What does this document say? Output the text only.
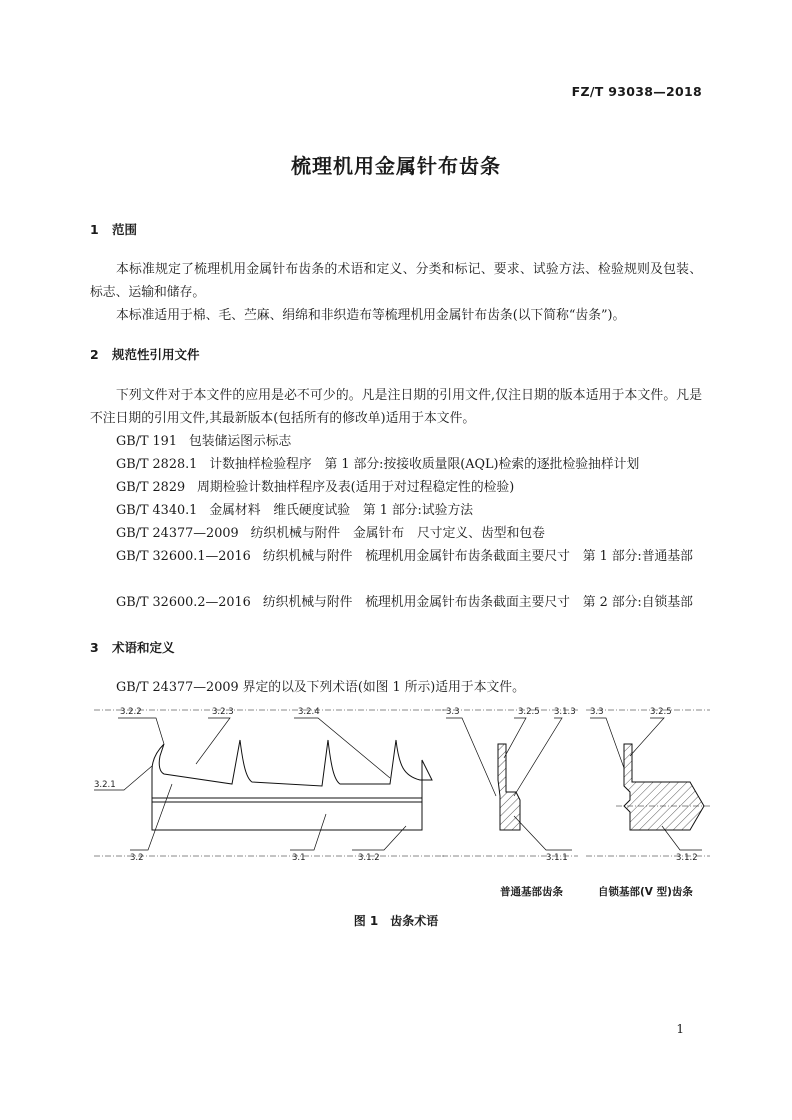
FZ/T 93038—2018
梳理机用金属针布齿条
1 范围
本标准规定了梳理机用金属针布齿条的术语和定义、分类和标记、要求、试验方法、检验规则及包装、标志、运输和储存。
本标准适用于棉、毛、苎麻、绢绵和非织造布等梳理机用金属针布齿条(以下简称“齿条”)。
2 规范性引用文件
下列文件对于本文件的应用是必不可少的。凡是注日期的引用文件,仅注日期的版本适用于本文件。凡是不注日期的引用文件,其最新版本(包括所有的修改单)适用于本文件。
GB/T 191 包装储运图示标志
GB/T 2828.1 计数抽样检验程序　第 1 部分:按接收质量限(AQL)检索的逐批检验抽样计划
GB/T 2829 周期检验计数抽样程序及表(适用于对过程稳定性的检验)
GB/T 4340.1 金属材料　维氏硬度试验　第 1 部分:试验方法
GB/T 24377—2009 纺织机械与附件　金属针布　尺寸定义、齿型和包卷
GB/T 32600.1—2016 纺织机械与附件　梳理机用金属针布齿条截面主要尺寸　第 1 部分:普通基部
GB/T 32600.2—2016 纺织机械与附件　梳理机用金属针布齿条截面主要尺寸　第 2 部分:自锁基部
3 术语和定义
GB/T 24377—2009 界定的以及下列术语(如图 1 所示)适用于本文件。
3.2.2	3.2.3	3.2.4
3.2.1
3.2	3.1	3.1.2
3.3	3.2.5 3.1.3
3.1.1
3.3	3.2.5
3.1.2
普通基部齿条	自锁基部(V 型)齿条
图 1　齿条术语
1
